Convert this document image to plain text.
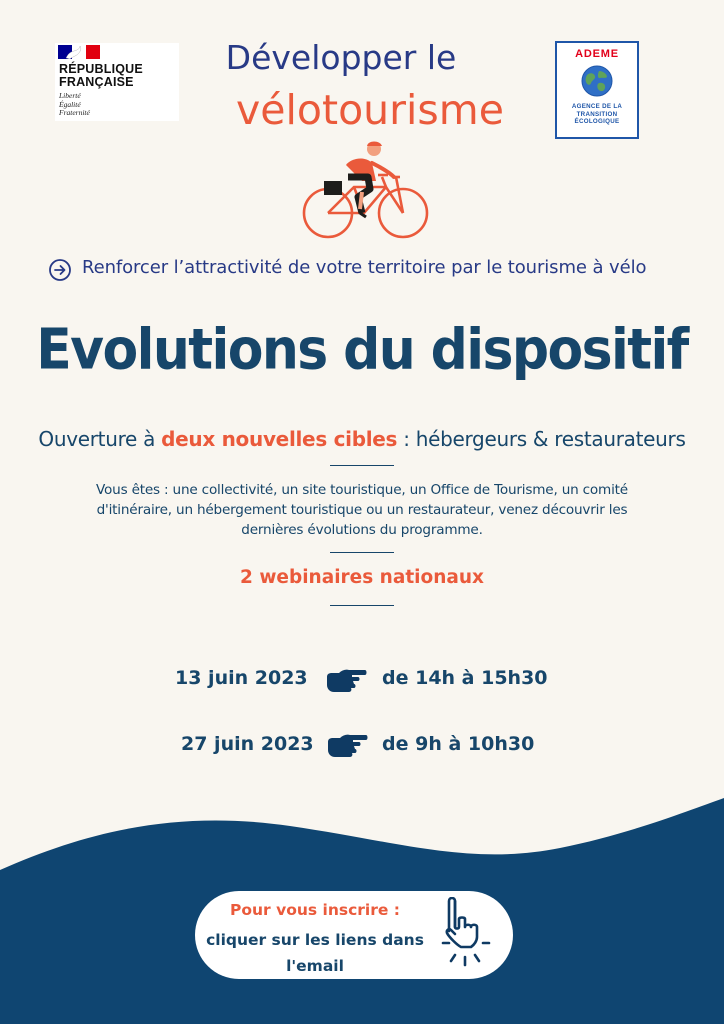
RÉPUBLIQUE
FRANÇAISE
Liberté
Égalité
Fraternité
ADEME
AGENCE DE LA
TRANSITION
ÉCOLOGIQUE
Développer le
vélotourisme
Renforcer l’attractivité de votre territoire par le tourisme à vélo
Evolutions du dispositif
Ouverture à deux nouvelles cibles : hébergeurs & restaurateurs
Vous êtes : une collectivité, un site touristique, un Office de Tourisme, un comité d'itinéraire, un hébergement touristique ou un restaurateur, venez découvrir les dernières évolutions du programme.
2 webinaires nationaux
13 juin 2023	de 14h à 15h30
27 juin 2023	de 9h à 10h30
Pour vous inscrire :
cliquer sur les liens dans l'email
